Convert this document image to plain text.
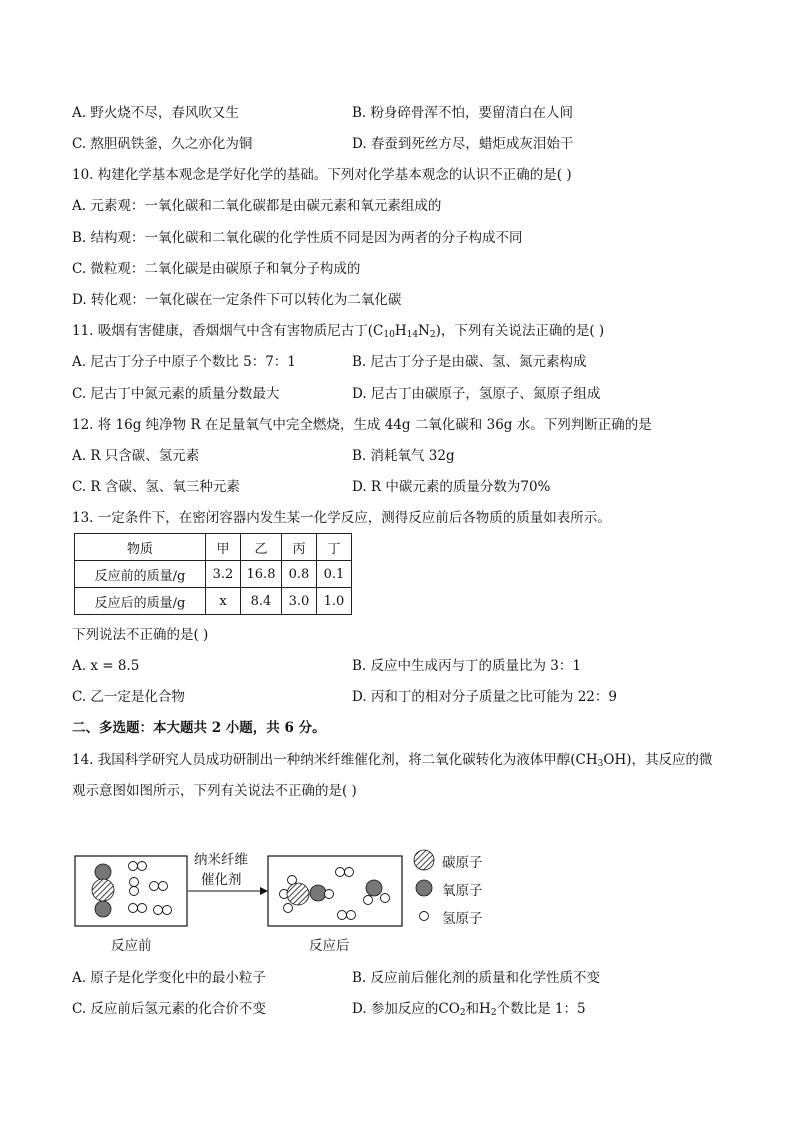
A. 野火烧不尽，春风吹又生	B. 粉身碎骨浑不怕，要留清白在人间
C. 熬胆矾铁釜，久之亦化为铜	D. 春蚕到死丝方尽，蜡炬成灰泪始干
10. 构建化学基本观念是学好化学的基础。下列对化学基本观念的认识不正确的是( )
A. 元素观：一氧化碳和二氧化碳都是由碳元素和氧元素组成的
B. 结构观：一氧化碳和二氧化碳的化学性质不同是因为两者的分子构成不同
C. 微粒观：二氧化碳是由碳原子和氧分子构成的
D. 转化观：一氧化碳在一定条件下可以转化为二氧化碳
11. 吸烟有害健康，香烟烟气中含有害物质尼古丁$(C_{10}H_{14}N_2)$，下列有关说法正确的是( )
A. 尼古丁分子中原子个数比 5：7：1	B. 尼古丁分子是由碳、氢、氮元素构成
C. 尼古丁中氮元素的质量分数最大	D. 尼古丁由碳原子，氢原子、氮原子组成
12. 将 16g 纯净物 R 在足量氧气中完全燃烧，生成 44g 二氧化碳和 36g 水。下列判断正确的是
A. R 只含碳、氢元素	B. 消耗氧气 32g
C. R 含碳、氢、氧三种元素	D. R 中碳元素的质量分数为70%
13. 一定条件下，在密闭容器内发生某一化学反应，测得反应前后各物质的质量如表所示。
物质	甲	乙	丙	丁
反应前的质量/g	3.2	16.8	0.8	0.1
反应后的质量/g	x	8.4	3.0	1.0
下列说法不正确的是( )
A. x = 8.5	B. 反应中生成丙与丁的质量比为 3：1
C. 乙一定是化合物	D. 丙和丁的相对分子质量之比可能为 22：9
二、多选题：本大题共 2 小题，共 6 分。
14. 我国科学研究人员成功研制出一种纳米纤维催化剂，将二氧化碳转化为液体甲醇$(CH_3OH)$，其反应的微
观示意图如图所示，下列有关说法不正确的是( )
纳米纤维
催化剂
反应前	反应后
碳原子
氧原子
氢原子
A. 原子是化学变化中的最小粒子	B. 反应前后催化剂的质量和化学性质不变
C. 反应前后氢元素的化合价不变	D. 参加反应的$CO_2$和$H_2$个数比是 1：5
